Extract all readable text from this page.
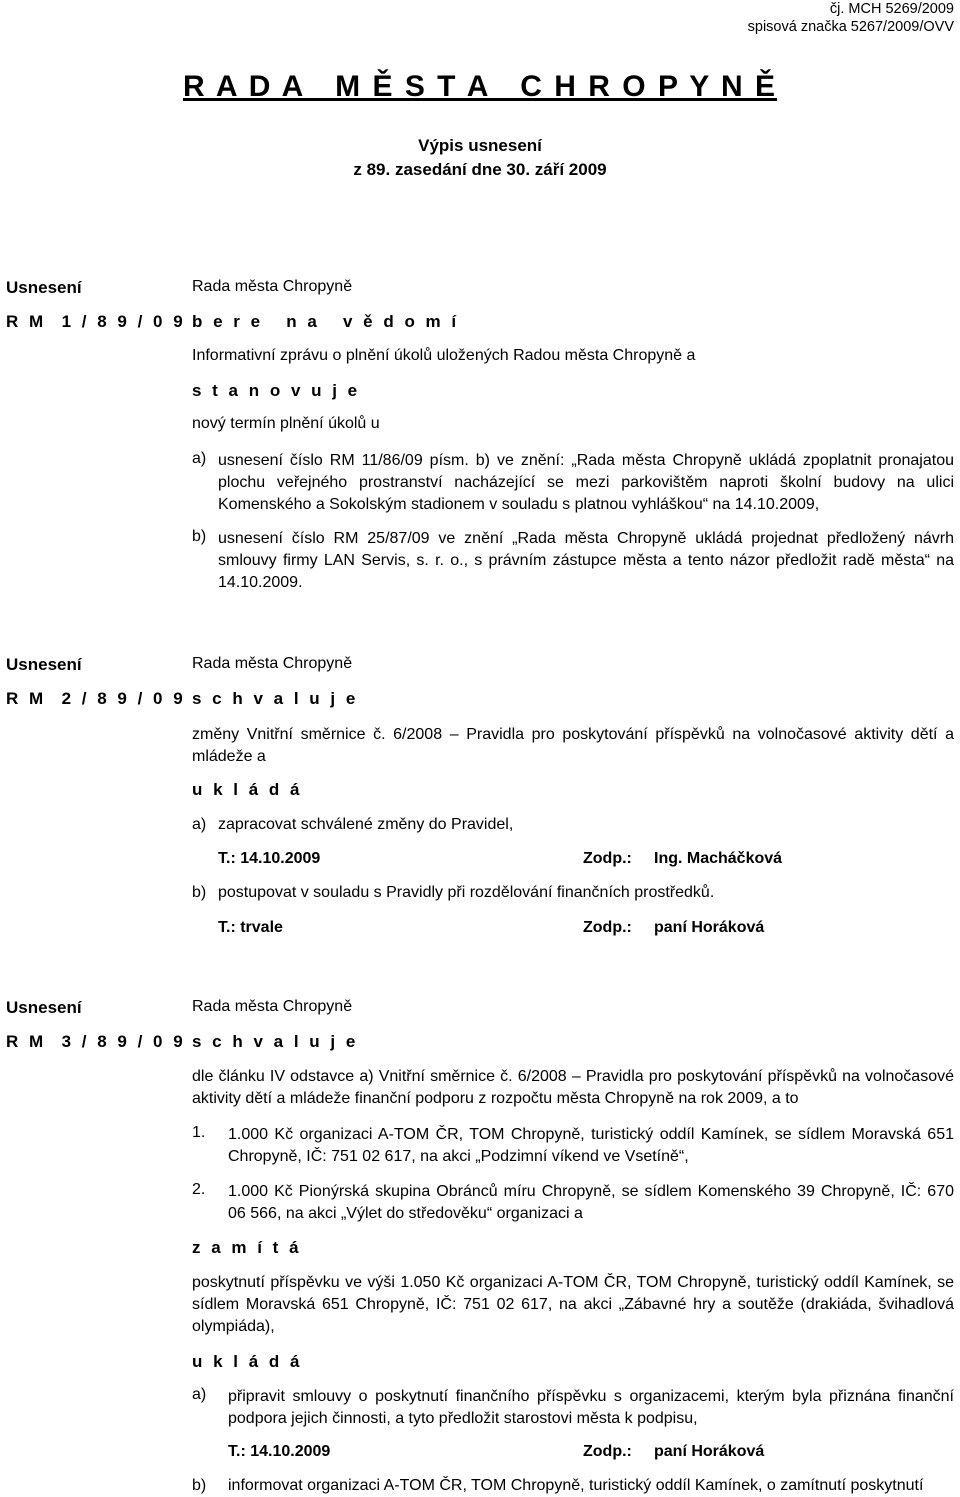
čj. MCH 5269/2009
spisová značka 5267/2009/OVV
R A D A   M Ě S T A   C H R O P Y N Ě
Výpis usnesení
z 89. zasedání dne 30. září 2009
Usnesení
R M  1 / 8 9 / 0 9
Rada města Chropyně
b e r e   n a   v ě d o m í
Informativní zprávu o plnění úkolů uložených Radou města Chropyně a
s t a n o v u j e
nový termín plnění úkolů u
a) usnesení číslo RM 11/86/09 písm. b) ve znění: „Rada města Chropyně ukládá zpoplatnit pronajatou plochu veřejného prostranství nacházející se mezi parkovištěm naproti školní budovy na ulici Komenského a Sokolským stadionem v souladu s platnou vyhláškou“ na 14.10.2009,
b) usnesení číslo RM 25/87/09 ve znění „Rada města Chropyně ukládá projednat předložený návrh smlouvy firmy LAN Servis, s. r. o., s právním zástupce města a tento názor předložit radě města“ na 14.10.2009.
Usnesení
R M  2 / 8 9 / 0 9
Rada města Chropyně
s c h v a l u j e
změny Vnitřní směrnice č. 6/2008 – Pravidla pro poskytování příspěvků na volnočasové aktivity dětí a mládeže a
u k l á d á
a) zapracovat schválené změny do Pravidel,
T.: 14.10.2009	Zodp.: Ing. Macháčková
b) postupovat v souladu s Pravidly při rozdělování finančních prostředků.
T.: trvale	Zodp.: paní Horáková
Usnesení
R M  3 / 8 9 / 0 9
Rada města Chropyně
s c h v a l u j e
dle článku IV odstavce a) Vnitřní směrnice č. 6/2008 – Pravidla pro poskytování příspěvků na volnočasové aktivity dětí a mládeže finanční podporu z rozpočtu města Chropyně na rok 2009, a to
1. 1.000 Kč organizaci A-TOM ČR, TOM Chropyně, turistický oddíl Kamínek, se sídlem Moravská 651 Chropyně, IČ: 751 02 617, na akci „Podzimní víkend ve Vsetíně“,
2. 1.000 Kč Pionýrská skupina Obránců míru Chropyně, se sídlem Komenského 39 Chropyně, IČ: 670 06 566, na akci „Výlet do středověku“ organizaci a
z a m í t á
poskytnutí příspěvku ve výši 1.050 Kč organizaci A-TOM ČR, TOM Chropyně, turistický oddíl Kamínek, se sídlem Moravská 651 Chropyně, IČ: 751 02 617, na akci „Zábavné hry a soutěže (drakiáda, švihadlová olympiáda),
u k l á d á
a) připravit smlouvy o poskytnutí finančního příspěvku s organizacemi, kterým byla přiznána finanční podpora jejich činnosti, a tyto předložit starostovi města k podpisu,
T.: 14.10.2009	Zodp.: paní Horáková
b) informovat organizaci A-TOM ČR, TOM Chropyně, turistický oddíl Kamínek, o zamítnutí poskytnutí
